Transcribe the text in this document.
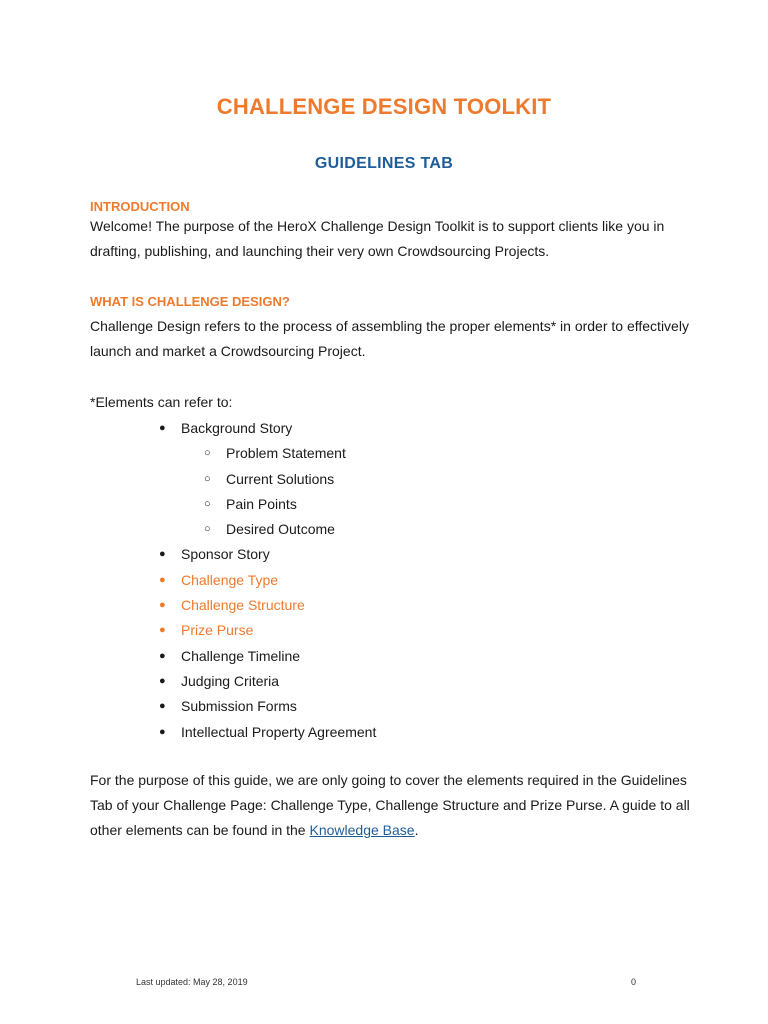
CHALLENGE DESIGN TOOLKIT
GUIDELINES TAB
INTRODUCTION
Welcome! The purpose of the HeroX Challenge Design Toolkit is to support clients like you in drafting, publishing, and launching their very own Crowdsourcing Projects.
WHAT IS CHALLENGE DESIGN?
Challenge Design refers to the process of assembling the proper elements* in order to effectively launch and market a Crowdsourcing Project.
*Elements can refer to:
● Background Story
○ Problem Statement
○ Current Solutions
○ Pain Points
○ Desired Outcome
● Sponsor Story
● Challenge Type
● Challenge Structure
● Prize Purse
● Challenge Timeline
● Judging Criteria
● Submission Forms
● Intellectual Property Agreement
For the purpose of this guide, we are only going to cover the elements required in the Guidelines Tab of your Challenge Page: Challenge Type, Challenge Structure and Prize Purse. A guide to all other elements can be found in the Knowledge Base.
Last updated: May 28, 2019	0
